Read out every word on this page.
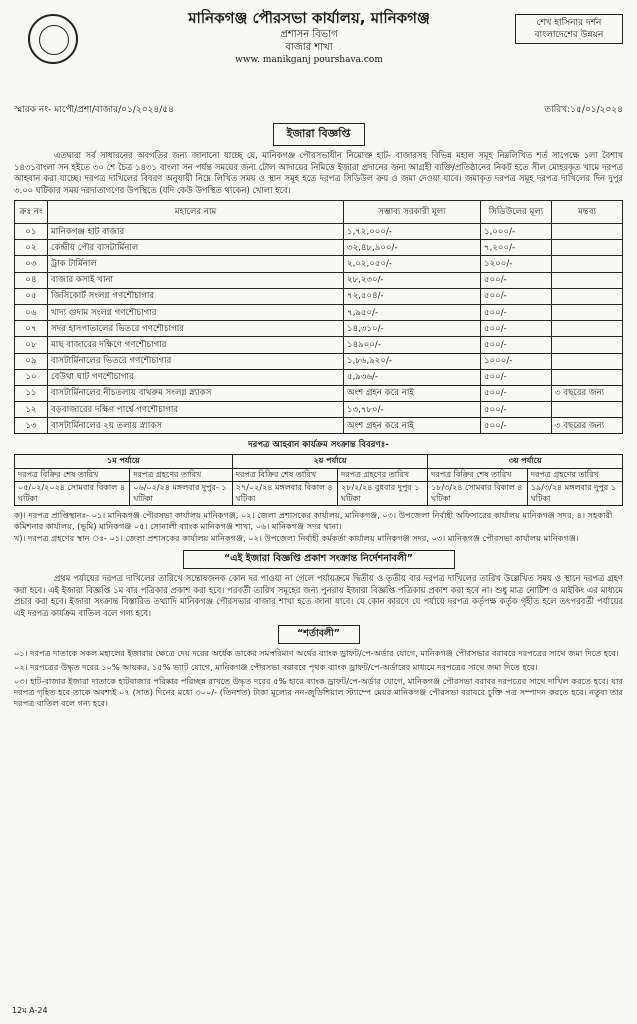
মানিকগঞ্জ পৌরসভা কার্যালয়, মানিকগঞ্জ
প্রশাসন বিভাগ
বাজার শাখা
www. manikganj pourshava.com
শেখ হাসিনার দর্শন বাংলাদেশের উন্নয়ন
স্মারক নং- মাপৌ/প্রশা/বাজার/০১/২০২৪/৫৪	তারিখ:১৫/০১/২০২৪
ইজারা বিজ্ঞপ্তি

এতদ্বারা সর্ব সাধারনের অবগতির জন্য জানানো যাচ্ছে যে, মানিকগঞ্জ পৌরসভাধীন নিমোক্ত হাট- বাজারসহ বিভিন্ন মহাল সমূহ নিম্নলিখিত শর্ত সাপেক্ষে ১লা বৈশাখ ১৪৩১বাংলা সন হইতে ৩০ শে চৈত্র ১৪৩১ বাংলা সন পর্যন্ত সময়ের জন্য টোল আদায়ের নিমিত্তে ইজারা প্রদানের জন্য আগ্রহী ব্যক্তি/প্রতিষ্ঠানের নিকট হতে সীল মোহরকৃত খামে দরপত্র আহবান করা যাচ্ছে। দরপত্র দাখিলের বিবরণ অনুযায়ী নিম্নে লিখিত সময় ও স্থান সমূহ হতে দরপত্র সিডিউল ক্রয় ও জমা দেওয়া যাবে। জমাকৃত দরপত্র সমূহ দরপত্র দাখিলের দিন দুপুর ৩.০০ ঘটিকার সময় দরদাতাগণের উপস্থিতে (যদি কেউ উপস্থিত থাকেন) খোলা হবে।

ক্রঃ নং	মহালের নাম	সম্ভাব্য সরকারী মূল্য	সিডিউলের মূল্য	মন্তব্য
০১	মানিকগঞ্জ হাট বাজার	১,৭২,০০০/-	১,০০০/-	
০২	কেন্দ্রীয় পৌর বাসটার্মিনাল	৩২,৪৮,৯০০/-	৭,২০০/-	
০৩	ট্রাক টার্মিনাল	২,০২,০৫০/-	১২০০/-	
০৪	বাজার কসাই খানা	২৮,২৩০/-	৫০০/-	
০৫	জিসিকোর্ট সংলগ্ন গণশৌচাগার	৭২,৫০৪/-	৫০০/-	
০৬	খাদ্য গুদাম সংলগ্ন গণশৌচাগার	৭,৯৫০/-	৫০০/-	
০৭	সদর হাসপাতালের ভিতরে গণশৌচাগার	১৪,৩১০/-	৫০০/-	
০৮	মাছ বাজারের দক্ষিণে গণশৌচাগার	১৪৯০০/-	৫০০/-	
০৯	বাসটার্মিনালের ভিতরে গণশৌচাগার	১,৮৬,৯২০/-	১০০০/-	
১০	বেউথা ঘাট গণশৌচাগার	৫,৯৩৬/-	৫০০/-	
১১	বাসটার্মিনালের নীচতলায় বাথরুম সংলগ্ন স্ন্যাকস	অংশ গ্রহন করে নাই	৫০০/-	৩ বছরের জন্য
১২	বড়বাজারের দক্ষিণ পার্শ্বে গণশৌচাগার	১৩,৭৮০/-	৫০০/-	
১৩	বাসটার্মিনালের ২য় তলায় স্ন্যাকস	অংশ গ্রহন করে নাই	৫০০/-	৩ বছরের জন্য
দরপত্র আহবান কার্যক্রম সংক্রান্ত বিবরণঃ-
১ম পর্যায়ে		২য় পর্যায়ে		৩য় পর্যায়ে	
দরপত্র বিক্রির শেষ তারিখ	দরপত্র গ্রহণের তারিখ	দরপত্র বিক্রির শেষ তারিখ	দরপত্র গ্রহণের তারিখ	দরপত্র বিক্রির শেষ তারিখ	দরপত্র গ্রহণের তারিখ
০৫/০২/২০২৪ সোমবার বিকাল ৪ ঘটিকা	০৬/০২/২৪ মঙ্গলবার দুপুর- ১ ঘটিকা	২৭/০২/২৪ মঙ্গলবার বিকাল ৪ ঘটিকা	২৮/২/২৪ বুধবার দুপুর ১ ঘটিকা	১৮/৩/২৪ সোমবার বিকাল ৪ ঘটিকা	১৯/৩/২৪ মঙ্গলবার দুপুর ১ ঘটিকা

ক)। দরপত্র প্রাপ্তিস্থানঃ- ০১। মানিকগঞ্জ পৌরসভা কার্যালয় মানিকগঞ্জ, ০২। জেলা প্রশাসকের কার্যালয়, মানিকগঞ্জ, ০৩। উপজেলা নির্বাহী অফিসারের কার্যালয় মানিকগঞ্জ সদর, ৪। সহকারী কমিশনার কার্যালয়, (ভূমি) মানিকগঞ্জ ০৫। সোনালী ব্যাংক মানিকগঞ্জ শাখা, ০৬। মানিকগঞ্জ সদর থানা।

খ)। দরপত্র গ্রহণের স্থান ঃ- ০১। জেলা প্রশাসকের কার্যালয় মানিকগঞ্জ, ০২। উপজেলা নির্বাহী কর্মকর্তা কার্যালয় মানিকগঞ্জ সদর, ০৩। মানিকগঞ্জ পৌরসভা কার্যালয় মানিকগঞ্জ।

“এই ইজারা বিজ্ঞপ্তি প্রকাশ সংক্রান্ত নির্দেশনাবলী”

প্রথম পর্যায়ের দরপত্র দাখিলের তারিখে সন্তোষজনক কোন দর পাওয়া না গেলে পর্যায়ক্রমে দ্বিতীয় ও তৃতীয় বার দরপত্র দাখিলের তারিখ উল্লেখিত সময় ও স্থানে দরপত্র গ্রহণ করা হবে। এই ইজারা বিজ্ঞপ্তি ১ম বার পত্রিকার প্রকাশ করা হবে। পরবর্তী তারিখ সমূহের জন্য পুনরায় ইজারা বিজ্ঞপ্তি পত্রিকায় প্রকাশ করা হবে না। শুধু মাত্র নোটিশ ও মাইকিং এর মাধ্যমে প্রচার করা হবে। ইজারা সংক্রান্ত বিস্তারিত তথ্যাদি মানিকগঞ্জ পৌরসভার বাজার শাখা হতে জানা যাবে। যে কোন কারণে যে পর্যায়ে দরপত্র কর্তৃপক্ষ কর্তৃক গৃহীত হলে তৎপরবর্তী পর্যায়ের এই দরপত্র কার্যক্রম বাতিল বলে গণ্য হবে।

“শর্তাবলী”

০১। দরপত্র দাতাকে সকল মহালের ইজারার ক্ষেত্রে দেয় দরের অর্ধেক ডাকের সমপরিমাণ অর্থের ব্যাংক ড্রাফট/পে-অর্ডার যোগে, মানিকগঞ্জ পৌরসভার বরাবরে দরপত্রের সাথে জমা দিতে হবে।

০২। দরপত্রের উদ্ধৃত দরের ১০% আয়কর, ১৫% ভ্যাট যোগে, মানিকগঞ্জ পৌরসভা বরাবরে পৃথক ব্যাংক ড্রাফট/পে-অর্ডারের মাধ্যমে দরপত্রের সাথে জমা দিতে হবে।

০৩। হাট-বাজার ইজারা দাতাকে হাটবাজার পরিষ্কার পরিচ্ছন্ন রাখতে উদ্ধৃত দরের ৫% হারে ব্যাংক ড্রাফট/পে-অর্ডার যোগে, মানিকগঞ্জ পৌরসভা বরাবর দরপত্রের সাথে দাখিল করতে হবে। যার দরপত্র গৃহিত হবে তাকে অবশ্যই ০৭ (সাত) দিনের মধ্যে ৩০০/- (তিনশত) টাকা মূল্যের নন-জুডিশিয়াল স্ট্যাম্পে মেয়র মানিকগঞ্জ পৌরসভা বরাবরে চুক্তি পত্র সম্পাদন করতে হবে। নতুবা তার দরপত্র বাতিল বলে গন্য হবে।

12ম A-24
